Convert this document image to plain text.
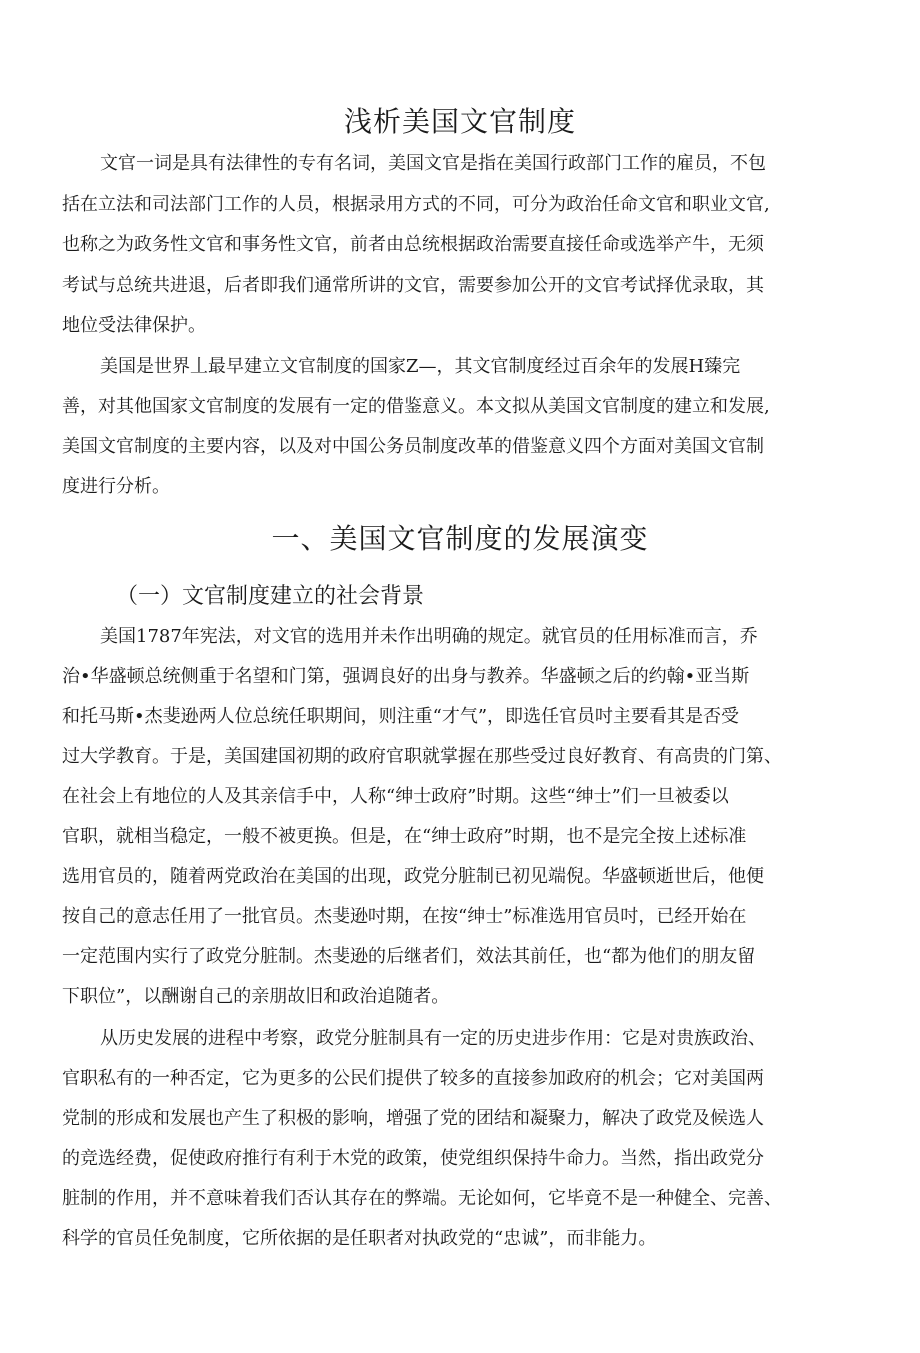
浅析美国文官制度
文官一词是具有法律性的专有名词，美国文官是指在美国行政部门工作的雇员，不包
括在立法和司法部门工作的人员，根据录用方式的不同，可分为政治任命文官和职业文官,
也称之为政务性文官和事务性文官，前者由总统根据政治需要直接任命或选举产牛，无须
考试与总统共进退，后者即我们通常所讲的文官，需要参加公开的文官考试择优录取，其
地位受法律保护。
美国是世界丄最早建立文官制度的国家Z—，其文官制度经过百余年的发展H臻完
善，对其他国家文官制度的发展有一定的借鉴意义。本文拟从美国文官制度的建立和发展,
美国文官制度的主要内容，以及对中国公务员制度改革的借鉴意义四个方面对美国文官制
度进行分析。
一、美国文官制度的发展演变
（一）文官制度建立的社会背景
美国1787年宪法，对文官的选用并未作出明确的规定。就官员的任用标准而言，乔
治•华盛顿总统侧重于名望和门第，强调良好的出身与教养。华盛顿之后的约翰•亚当斯
和托马斯•杰斐逊两人位总统任职期间，则注重“才气”，即选任官员吋主要看其是否受
过大学教育。于是，美国建国初期的政府官职就掌握在那些受过良好教育、有高贵的门第、
在社会上有地位的人及其亲信手中，人称“绅士政府”时期。这些“绅士”们一旦被委以
官职，就相当稳定，一般不被更换。但是，在“绅士政府”时期，也不是完全按上述标准
选用官员的，随着两党政治在美国的出现，政党分脏制已初见端倪。华盛顿逝世后，他便
按自己的意志任用了一批官员。杰斐逊吋期，在按“绅士”标准选用官员吋，已经开始在
一定范围内实行了政党分脏制。杰斐逊的后继者们，效法其前任，也“都为他们的朋友留
下职位”，以酬谢自己的亲朋故旧和政治追随者。
从历史发展的进程中考察，政党分脏制具有一定的历史进步作用：它是对贵族政治、
官职私有的一种否定，它为更多的公民们提供了较多的直接参加政府的机会；它对美国两
党制的形成和发展也产生了积极的影响，增强了党的团结和凝聚力，解决了政党及候选人
的竞选经费，促使政府推行有利于木党的政策，使党组织保持牛命力。当然，指出政党分
脏制的作用，并不意味着我们否认其存在的弊端。无论如何，它毕竟不是一种健全、完善、
科学的官员任免制度，它所依据的是任职者对执政党的“忠诚”，而非能力。
